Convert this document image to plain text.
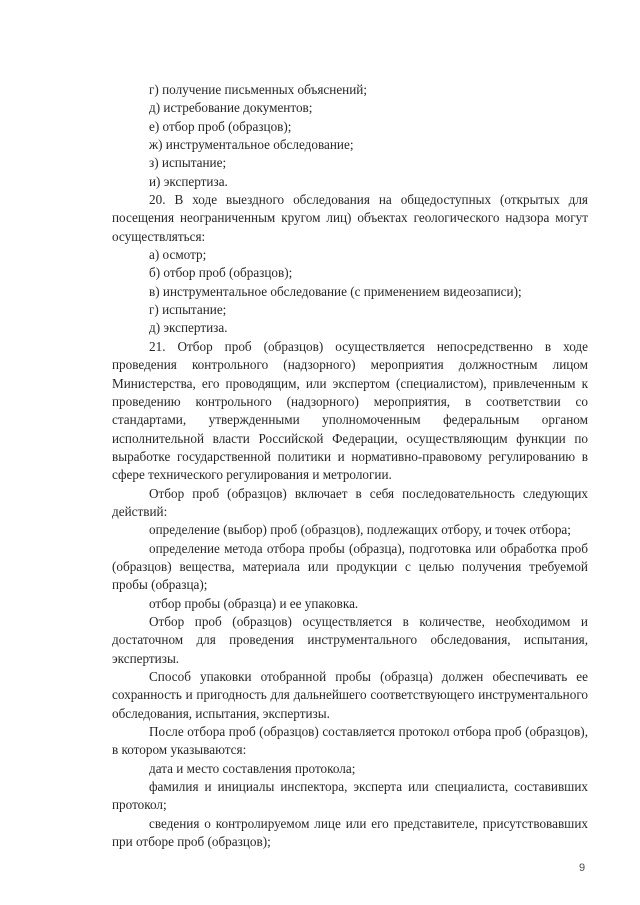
г) получение письменных объяснений;

д) истребование документов;

е) отбор проб (образцов);

ж) инструментальное обследование;

з) испытание;

и) экспертиза.

20. В ходе выездного обследования на общедоступных (открытых для посещения неограниченным кругом лиц) объектах геологического надзора могут осуществляться:

а) осмотр;

б) отбор проб (образцов);

в) инструментальное обследование (с применением видеозаписи);

г) испытание;

д) экспертиза.

21. Отбор проб (образцов) осуществляется непосредственно в ходе проведения контрольного (надзорного) мероприятия должностным лицом Министерства, его проводящим, или экспертом (специалистом), привлеченным к проведению контрольного (надзорного) мероприятия, в соответствии со стандартами, утвержденными уполномоченным федеральным органом исполнительной власти Российской Федерации, осуществляющим функции по выработке государственной политики и нормативно-правовому регулированию в сфере технического регулирования и метрологии.

Отбор проб (образцов) включает в себя последовательность следующих действий:

определение (выбор) проб (образцов), подлежащих отбору, и точек отбора;

определение метода отбора пробы (образца), подготовка или обработка проб (образцов) вещества, материала или продукции с целью получения требуемой пробы (образца);

отбор пробы (образца) и ее упаковка.

Отбор проб (образцов) осуществляется в количестве, необходимом и достаточном для проведения инструментального обследования, испытания, экспертизы.

Способ упаковки отобранной пробы (образца) должен обеспечивать ее сохранность и пригодность для дальнейшего соответствующего инструментального обследования, испытания, экспертизы.

После отбора проб (образцов) составляется протокол отбора проб (образцов), в котором указываются:

дата и место составления протокола;

фамилия и инициалы инспектора, эксперта или специалиста, составивших протокол;

сведения о контролируемом лице или его представителе, присутствовавших при отборе проб (образцов);

9
